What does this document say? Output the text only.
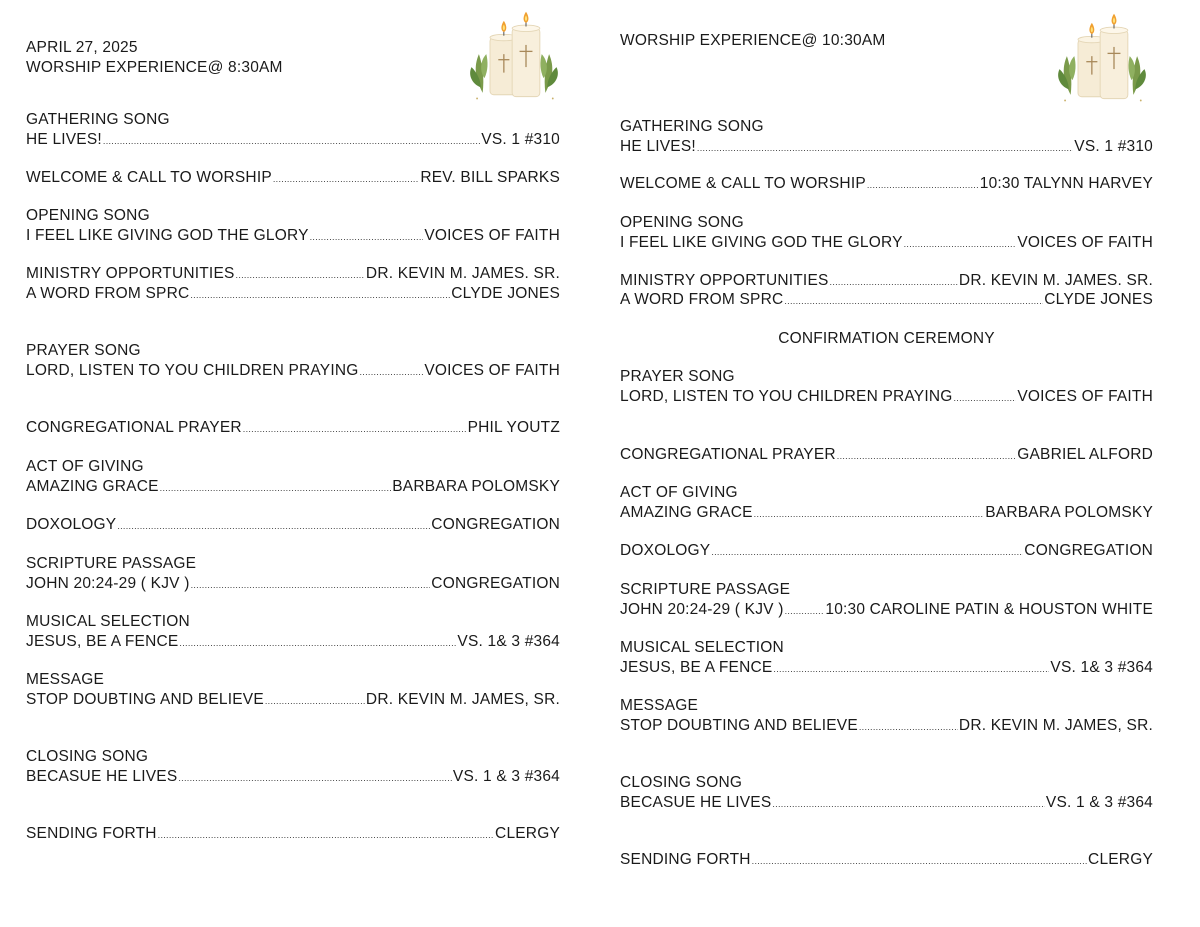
APRIL 27, 2025
WORSHIP EXPERIENCE@ 8:30AM
GATHERING SONG
HE LIVES! .....	VS. 1 #310
WELCOME & CALL TO WORSHIP .....	REV. BILL SPARKS
OPENING SONG
I FEEL LIKE GIVING GOD THE GLORY .....	VOICES OF FAITH
MINISTRY OPPORTUNITIES .....	DR. KEVIN M. JAMES. SR.
A WORD FROM SPRC .....	CLYDE JONES
PRAYER SONG
LORD, LISTEN TO YOU CHILDREN PRAYING .....	VOICES OF FAITH
CONGREGATIONAL PRAYER .....	PHIL YOUTZ
ACT OF GIVING
AMAZING GRACE .....	BARBARA POLOMSKY
DOXOLOGY .....	CONGREGATION
SCRIPTURE PASSAGE
JOHN 20:24-29 ( KJV ) .....	CONGREGATION
MUSICAL SELECTION
JESUS, BE A FENCE .....	VS. 1& 3 #364
MESSAGE
STOP DOUBTING AND BELIEVE .....	DR. KEVIN M. JAMES, SR.
CLOSING SONG
BECASUE HE LIVES .....	VS. 1 & 3 #364
SENDING FORTH .....	CLERGY
WORSHIP EXPERIENCE@ 10:30AM
GATHERING SONG
HE LIVES! .....	VS. 1 #310
WELCOME & CALL TO WORSHIP .....	10:30 TALYNN HARVEY
OPENING SONG
I FEEL LIKE GIVING GOD THE GLORY .....	VOICES OF FAITH
MINISTRY OPPORTUNITIES .....	DR. KEVIN M. JAMES. SR.
A WORD FROM SPRC .....	CLYDE JONES
CONFIRMATION CEREMONY
PRAYER SONG
LORD, LISTEN TO YOU CHILDREN PRAYING .....	VOICES OF FAITH
CONGREGATIONAL PRAYER .....	GABRIEL ALFORD
ACT OF GIVING
AMAZING GRACE .....	BARBARA POLOMSKY
DOXOLOGY .....	CONGREGATION
SCRIPTURE PASSAGE
JOHN 20:24-29 ( KJV ) .....	10:30 CAROLINE PATIN & HOUSTON WHITE
MUSICAL SELECTION
JESUS, BE A FENCE .....	VS. 1& 3 #364
MESSAGE
STOP DOUBTING AND BELIEVE .....	DR. KEVIN M. JAMES, SR.
CLOSING SONG
BECASUE HE LIVES .....	VS. 1 & 3 #364
SENDING FORTH .....	CLERGY
